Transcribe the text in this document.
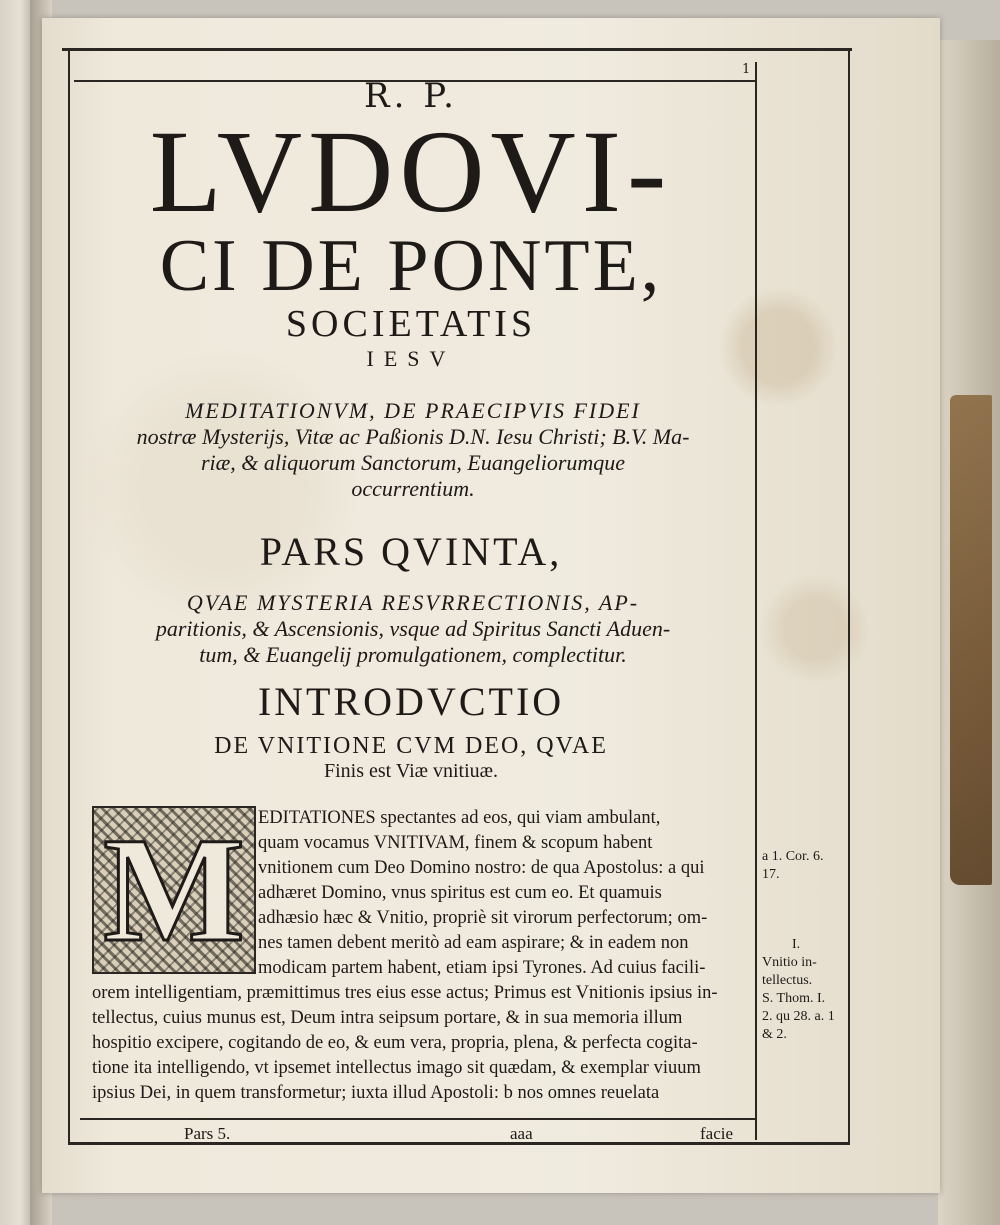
1
R. P.
LVDOVI-
CI DE PONTE,
SOCIETATIS
IESV
MEDITATIONVM, DE PRAECIPVIS FIDEI
nostræ Mysterijs, Vitæ ac Paßionis D.N. Iesu Christi; B.V. Ma-
riæ, & aliquorum Sanctorum, Euangeliorumque
occurrentium.
PARS QVINTA,
QVAE MYSTERIA RESVRRECTIONIS, AP-
paritionis, & Ascensionis, vsque ad Spiritus Sancti Aduen-
tum, & Euangelij promulgationem, complectitur.
INTRODVCTIO
DE VNITIONE CVM DEO, QVAE
Finis est Viæ vnitiuæ.
M EDITATIONES spectantes ad eos, qui viam ambulant,
quam vocamus VNITIVAM, finem & scopum habent
vnitionem cum Deo Domino nostro: de qua Apostolus: a qui
adhæret Domino, vnus spiritus est cum eo. Et quamuis
adhæsio hæc & Vnitio, propriè sit virorum perfectorum; om-
nes tamen debent meritò ad eam aspirare; & in eadem non
modicam partem habent, etiam ipsi Tyrones. Ad cuius facili-
orem intelligentiam, præmittimus tres eius esse actus; Primus est Vnitionis ipsius in-
tellectus, cuius munus est, Deum intra seipsum portare, & in sua memoria illum
hospitio excipere, cogitando de eo, & eum vera, propria, plena, & perfecta cogita-
tione ita intelligendo, vt ipsemet intellectus imago sit quædam, & exemplar viuum
ipsius Dei, in quem transformetur; iuxta illud Apostoli: b nos omnes reuelata
a 1. Cor. 6.
17.
I.
Vnitio in-
tellectus.
S. Thom. I.
2. qu 28. a. 1
& 2.
Pars 5.	aaa	facie
